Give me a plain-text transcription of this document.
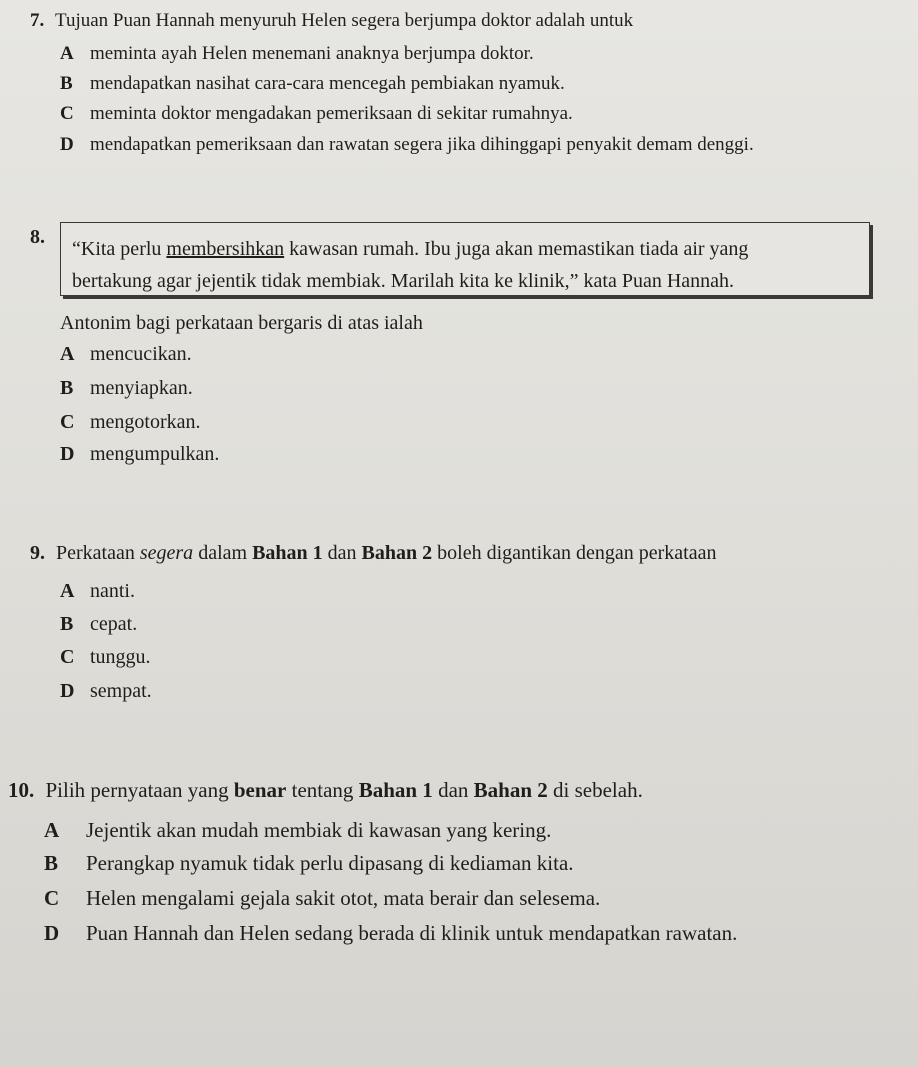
7. Tujuan Puan Hannah menyuruh Helen segera berjumpa doktor adalah untuk
A meminta ayah Helen menemani anaknya berjumpa doktor.
B mendapatkan nasihat cara-cara mencegah pembiakan nyamuk.
C meminta doktor mengadakan pemeriksaan di sekitar rumahnya.
D mendapatkan pemeriksaan dan rawatan segera jika dihinggapi penyakit demam denggi.
8.
“Kita perlu membersihkan kawasan rumah. Ibu juga akan memastikan tiada air yang
bertakung agar jejentik tidak membiak. Marilah kita ke klinik,” kata Puan Hannah.
Antonim bagi perkataan bergaris di atas ialah
A mencucikan.
B menyiapkan.
C mengotorkan.
D mengumpulkan.
9. Perkataan segera dalam Bahan 1 dan Bahan 2 boleh digantikan dengan perkataan
A nanti.
B cepat.
C tunggu.
D sempat.
10. Pilih pernyataan yang benar tentang Bahan 1 dan Bahan 2 di sebelah.
A Jejentik akan mudah membiak di kawasan yang kering.
B Perangkap nyamuk tidak perlu dipasang di kediaman kita.
C Helen mengalami gejala sakit otot, mata berair dan selesema.
D Puan Hannah dan Helen sedang berada di klinik untuk mendapatkan rawatan.
